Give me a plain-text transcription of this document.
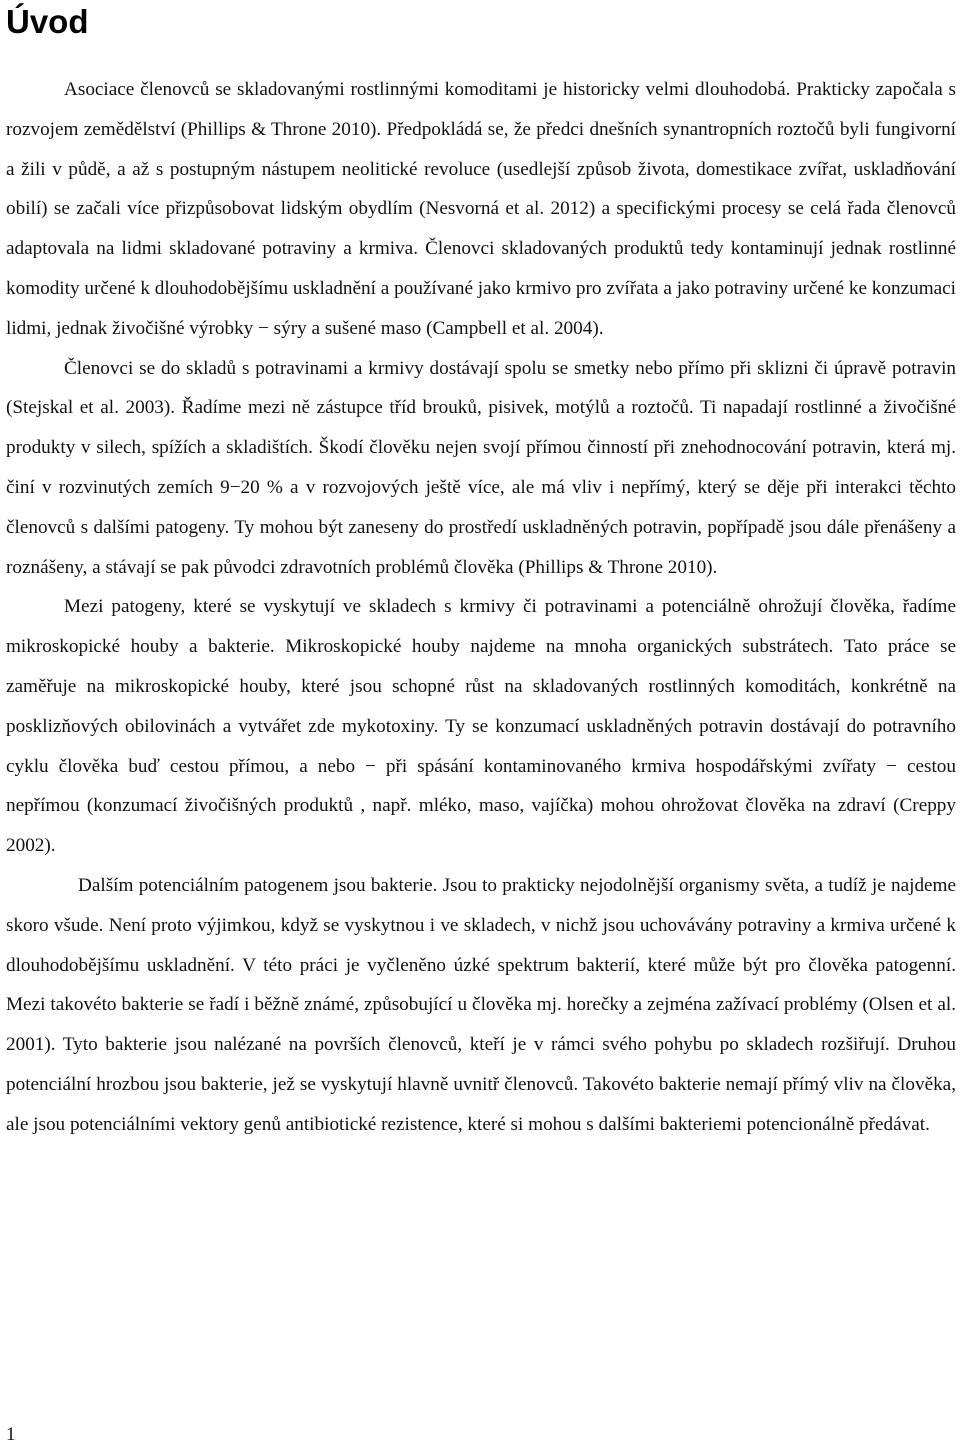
Úvod

Asociace členovců se skladovanými rostlinnými komoditami je historicky velmi dlouhodobá. Prakticky započala s rozvojem zemědělství (Phillips & Throne 2010). Předpokládá se, že předci dnešních synantropních roztočů byli fungivorní a žili v půdě, a až s postupným nástupem neolitické revoluce (usedlejší způsob života, domestikace zvířat, uskladňování obilí) se začali více přizpůsobovat lidským obydlím (Nesvorná et al. 2012) a specifickými procesy se celá řada členovců adaptovala na lidmi skladované potraviny a krmiva. Členovci skladovaných produktů tedy kontaminují jednak rostlinné komodity určené k dlouhodobějšímu uskladnění a používané jako krmivo pro zvířata a jako potraviny určené ke konzumaci lidmi, jednak živočišné výrobky − sýry a sušené maso (Campbell et al. 2004).

Členovci se do skladů s potravinami a krmivy dostávají spolu se smetky nebo přímo při sklizni či úpravě potravin (Stejskal et al. 2003). Řadíme mezi ně zástupce tříd brouků, pisivek, motýlů a roztočů. Ti napadají rostlinné a živočišné produkty v silech, spížích a skladištích. Škodí člověku nejen svojí přímou činností při znehodnocování potravin, která mj. činí v rozvinutých zemích 9−20 % a v rozvojových ještě více, ale má vliv i nepřímý, který se děje při interakci těchto členovců s dalšími patogeny. Ty mohou být zaneseny do prostředí uskladněných potravin, popřípadě jsou dále přenášeny a roznášeny, a stávají se pak původci zdravotních problémů člověka (Phillips & Throne 2010).

Mezi patogeny, které se vyskytují ve skladech s krmivy či potravinami a potenciálně ohrožují člověka, řadíme mikroskopické houby a bakterie. Mikroskopické houby najdeme na mnoha organických substrátech. Tato práce se zaměřuje na mikroskopické houby, které jsou schopné růst na skladovaných rostlinných komoditách, konkrétně na posklizňových obilovinách a vytvářet zde mykotoxiny. Ty se konzumací uskladněných potravin dostávají do potravního cyklu člověka buď cestou přímou, a nebo − při spásání kontaminovaného krmiva hospodářskými zvířaty − cestou nepřímou (konzumací živočišných produktů , např. mléko, maso, vajíčka) mohou ohrožovat člověka na zdraví (Creppy 2002).

Dalším potenciálním patogenem jsou bakterie. Jsou to prakticky nejodolnější organismy světa, a tudíž je najdeme skoro všude. Není proto výjimkou, když se vyskytnou i ve skladech, v nichž jsou uchovávány potraviny a krmiva určené k dlouhodobějšímu uskladnění. V této práci je vyčleněno úzké spektrum bakterií, které může být pro člověka patogenní. Mezi takovéto bakterie se řadí i běžně známé, způsobující u člověka mj. horečky a zejména zažívací problémy (Olsen et al. 2001). Tyto bakterie jsou nalézané na površích členovců, kteří je v rámci svého pohybu po skladech rozšiřují. Druhou potenciální hrozbou jsou bakterie, jež se vyskytují hlavně uvnitř členovců. Takovéto bakterie nemají přímý vliv na člověka, ale jsou potenciálními vektory genů antibiotické rezistence, které si mohou s dalšími bakteriemi potencionálně předávat.

1
